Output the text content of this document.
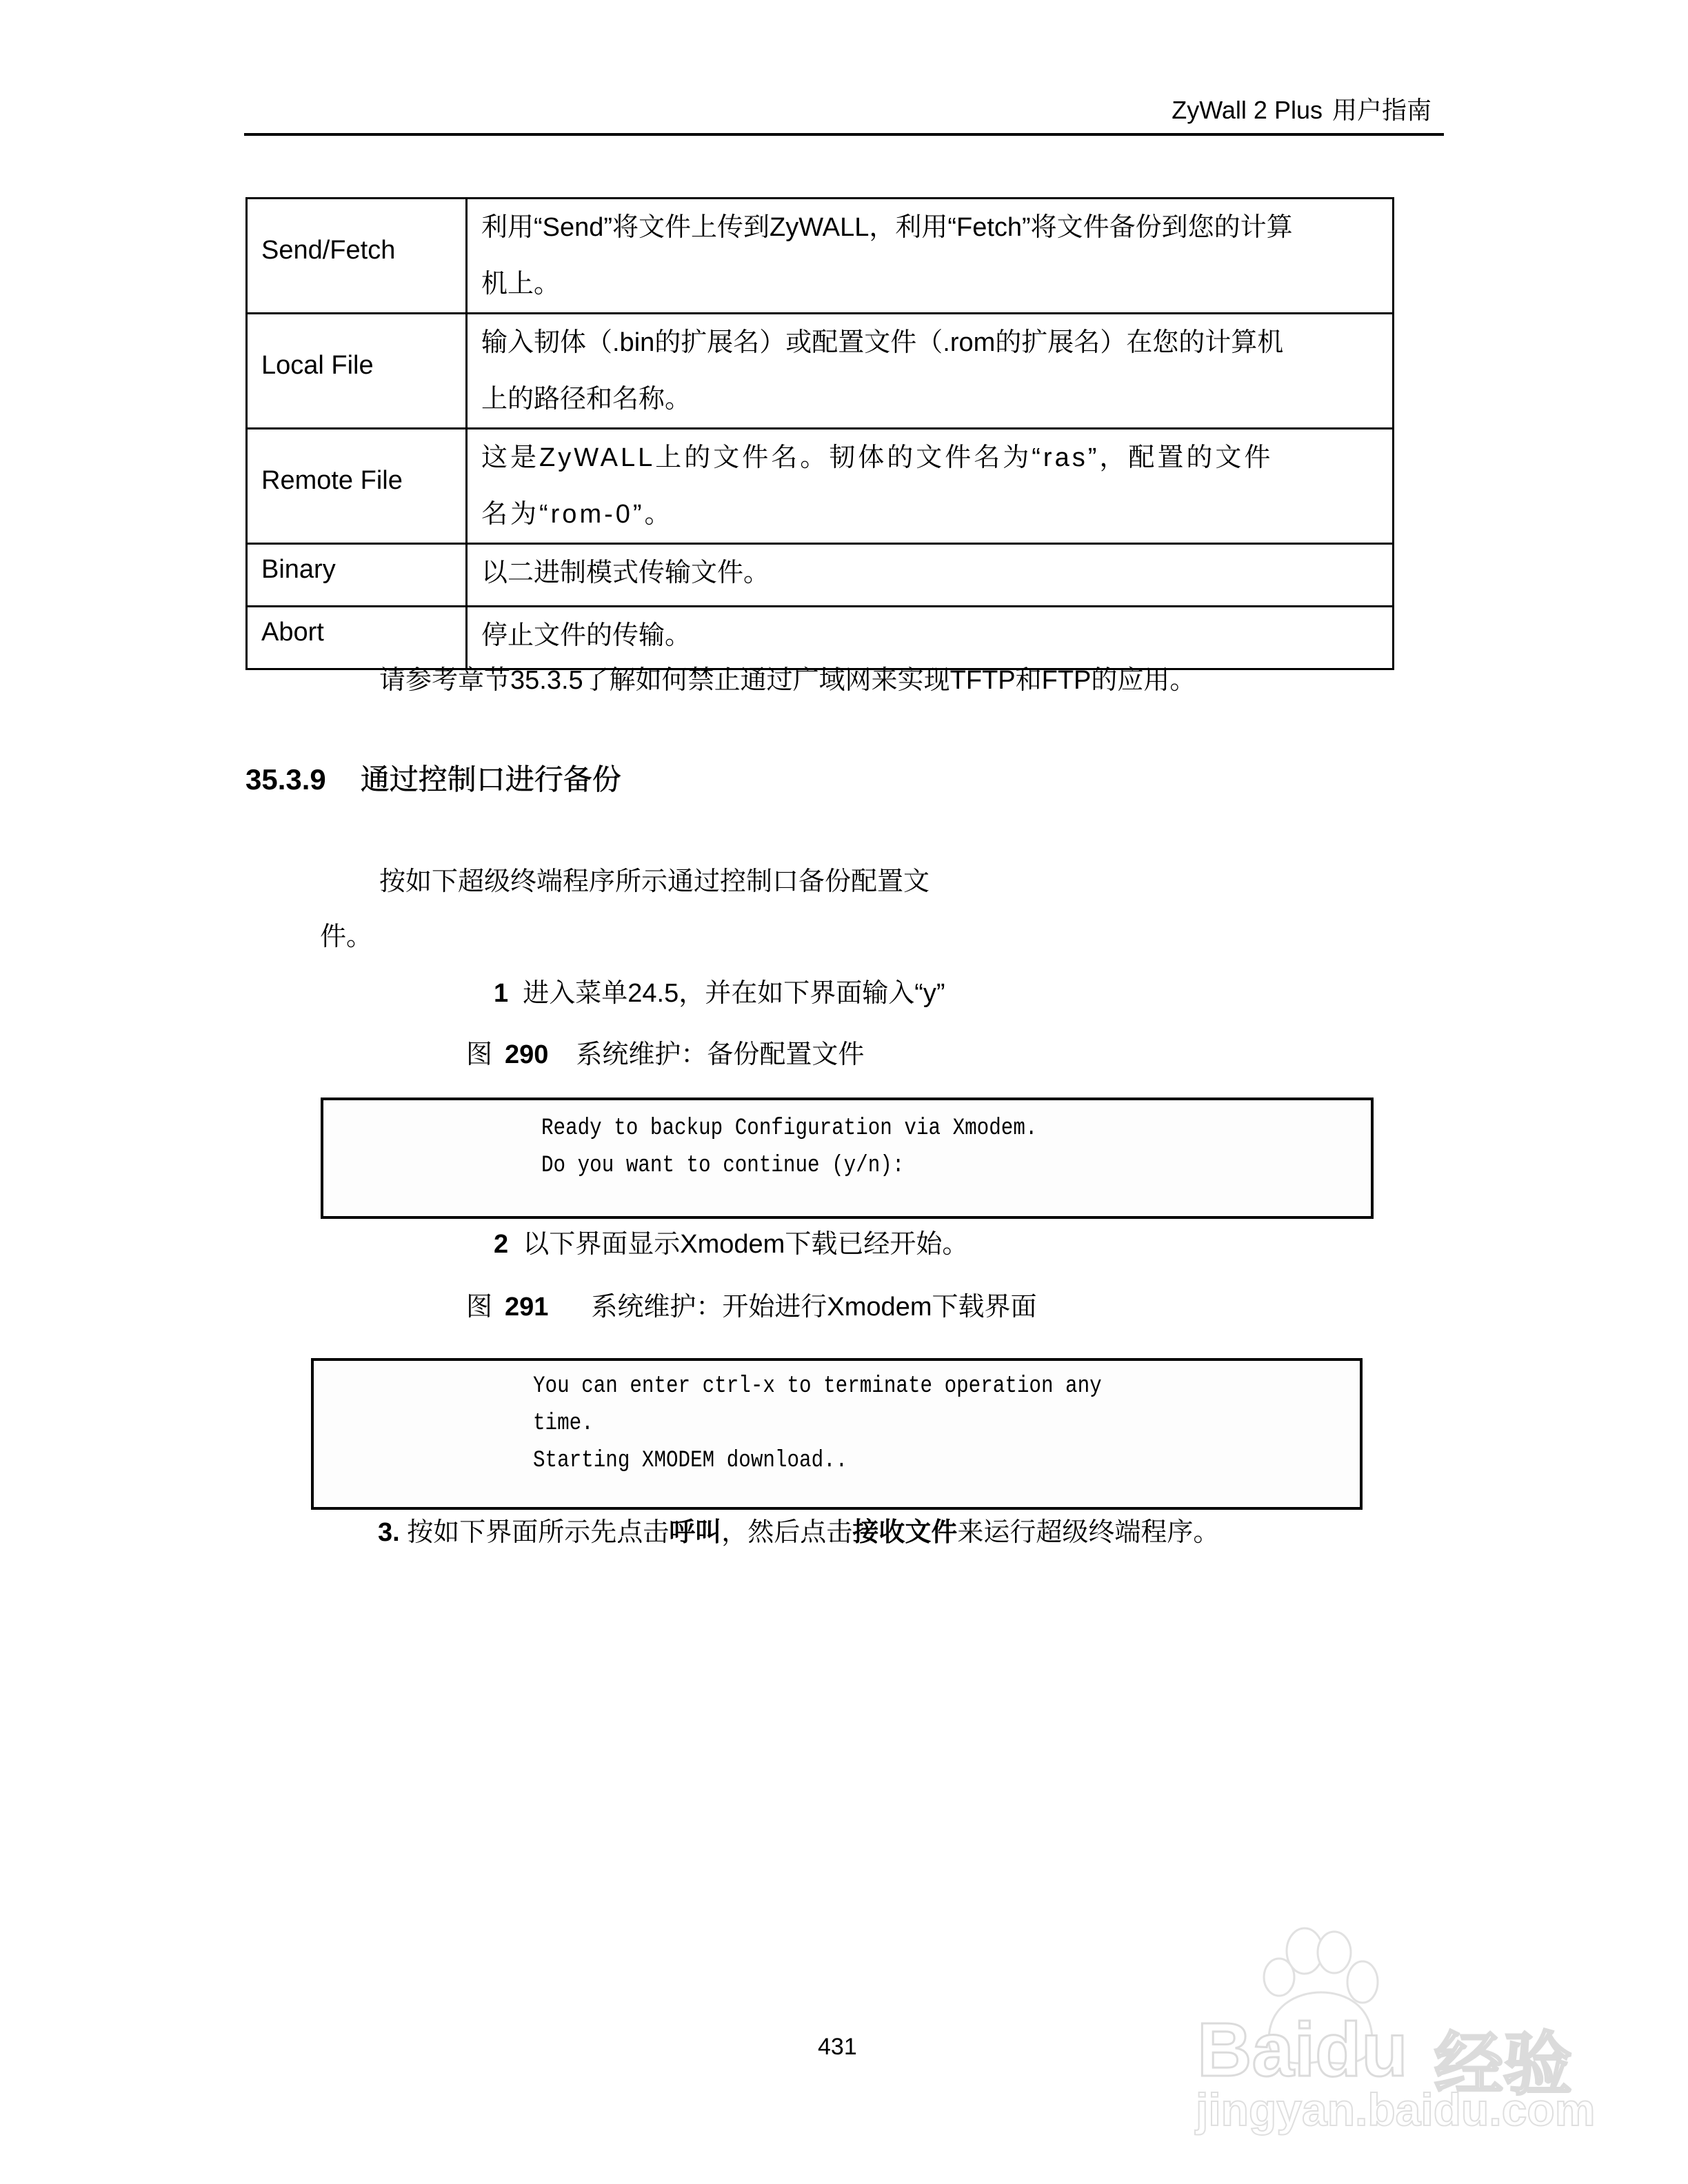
ZyWall 2 Plus 用户指南
Send/Fetch	利用“Send”将文件上传到ZyWALL，利用“Fetch”将文件备份到您的计算
机上。

Local File	输入韧体（.bin的扩展名）或配置文件（.rom的扩展名）在您的计算机
上的路径和名称。

Remote File	这是ZyWALL上的文件名。韧体的文件名为“ras”，配置的文件
名为“rom-0”。

Binary	以二进制模式传输文件。

Abort	停止文件的传输。
请参考章节35.3.5了解如何禁止通过广域网来实现TFTP和FTP的应用。
35.3.9 通过控制口进行备份
按如下超级终端程序所示通过控制口备份配置文
件。
1 进入菜单24.5，并在如下界面输入“y”
图 290 系统维护：备份配置文件
Ready to backup Configuration via Xmodem.
Do you want to continue (y/n):
2 以下界面显示Xmodem下载已经开始。
图 291 系统维护：开始进行Xmodem下载界面
You can enter ctrl-x to terminate operation any
time.
Starting XMODEM download..
3. 按如下界面所示先点击呼叫，然后点击接收文件来运行超级终端程序。
431	Baidu 经验
jingyan.baidu.com
